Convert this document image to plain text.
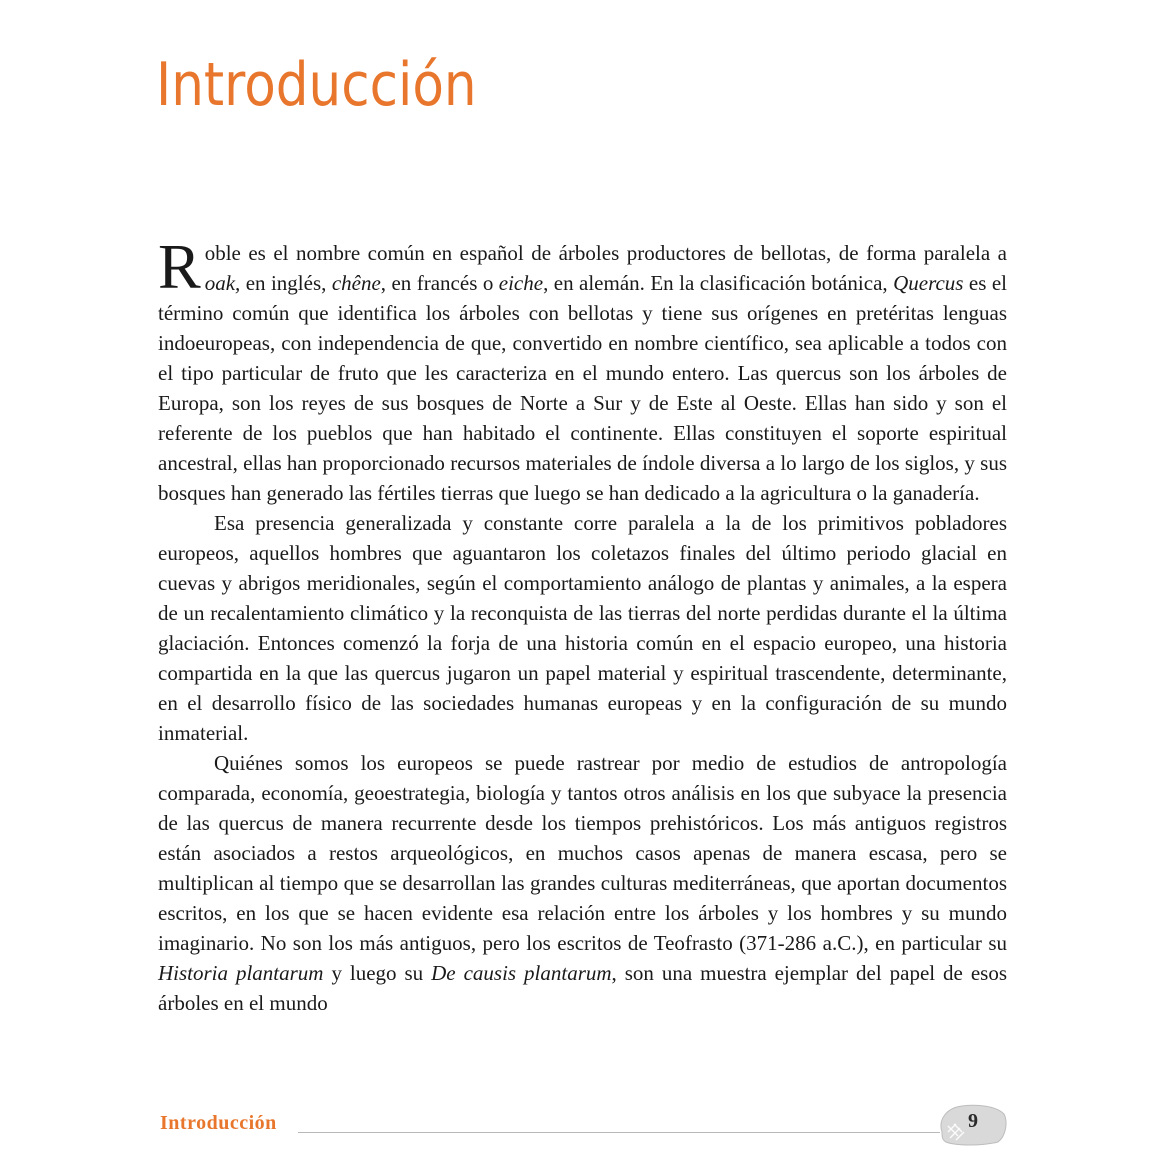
Introducción

R oble es el nombre común en español de árboles productores de bellotas, de forma paralela a oak, en inglés, chêne, en francés o eiche, en alemán. En la clasificación botánica, Quercus es el término común que identifica los árboles con bellotas y tiene sus orígenes en pretéritas lenguas indoeuropeas, con independencia de que, convertido en nombre científico, sea aplicable a todos con el tipo particular de fruto que les caracteriza en el mundo entero. Las quercus son los árboles de Europa, son los reyes de sus bosques de Norte a Sur y de Este al Oeste. Ellas han sido y son el referente de los pueblos que han habitado el continente. Ellas constituyen el soporte espiritual ancestral, ellas han proporcionado recursos materiales de índole diversa a lo largo de los siglos, y sus bosques han generado las fértiles tierras que luego se han dedicado a la agricultura o la ganadería.

Esa presencia generalizada y constante corre paralela a la de los primitivos pobladores europeos, aquellos hombres que aguantaron los coletazos finales del último periodo glacial en cuevas y abrigos meridionales, según el comportamiento análogo de plantas y animales, a la espera de un recalentamiento climático y la reconquista de las tierras del norte perdidas durante el la última glaciación. Entonces comenzó la forja de una historia común en el espacio europeo, una historia compartida en la que las quercus jugaron un papel material y espiritual trascendente, determinante, en el desarrollo físico de las sociedades humanas europeas y en la configuración de su mundo inmaterial.

Quiénes somos los europeos se puede rastrear por medio de estudios de antropología comparada, economía, geoestrategia, biología y tantos otros análisis en los que subyace la presencia de las quercus de manera recurrente desde los tiempos prehistóricos. Los más antiguos registros están asociados a restos arqueológicos, en muchos casos apenas de manera escasa, pero se multiplican al tiempo que se desarrollan las grandes culturas mediterráneas, que aportan documentos escritos, en los que se hacen evidente esa relación entre los árboles y los hombres y su mundo imaginario. No son los más antiguos, pero los escritos de Teofrasto (371-286 a.C.), en particular su Historia plantarum y luego su De causis plantarum, son una muestra ejemplar del papel de esos árboles en el mundo

Introducción	9
